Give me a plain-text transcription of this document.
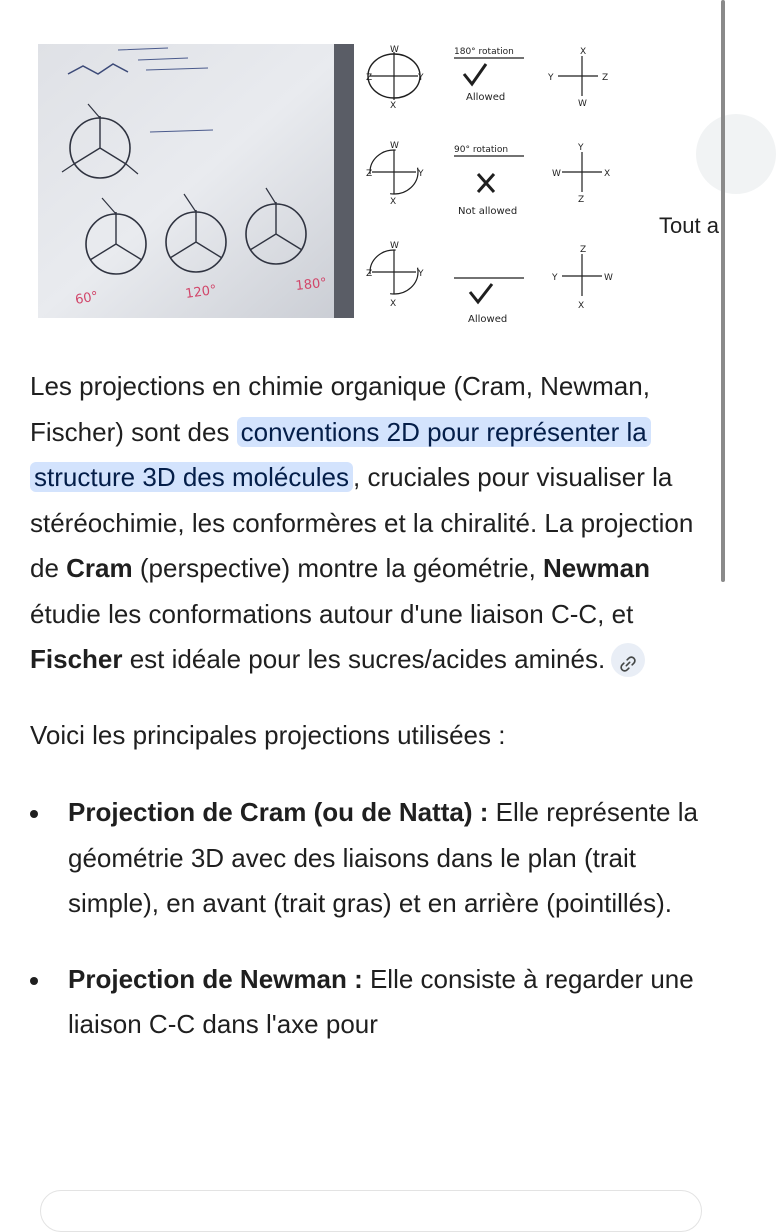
60°	120°	180°
W
Z	Y
X
180° rotation
Allowed
X
Y	Z
W
W
Z	Y
X
90° rotation
Not allowed
Y
W	X
Z
W
Z	Y
X
Allowed
Z
Y	W
X
Tout a

Les projections en chimie organique (Cram, Newman, Fischer) sont des conventions 2D pour représenter la structure 3D des molécules , cruciales pour visualiser la stéréochimie, les conformères et la chiralité. La projection de Cram (perspective) montre la géométrie, Newman étudie les conformations autour d'une liaison C-C, et Fischer est idéale pour les sucres/acides aminés.

Voici les principales projections utilisées :

Projection de Cram (ou de Natta) : Elle représente la géométrie 3D avec des liaisons dans le plan (trait simple), en avant (trait gras) et en arrière (pointillés).
Projection de Newman : Elle consiste à regarder une liaison C-C dans l'axe pour
